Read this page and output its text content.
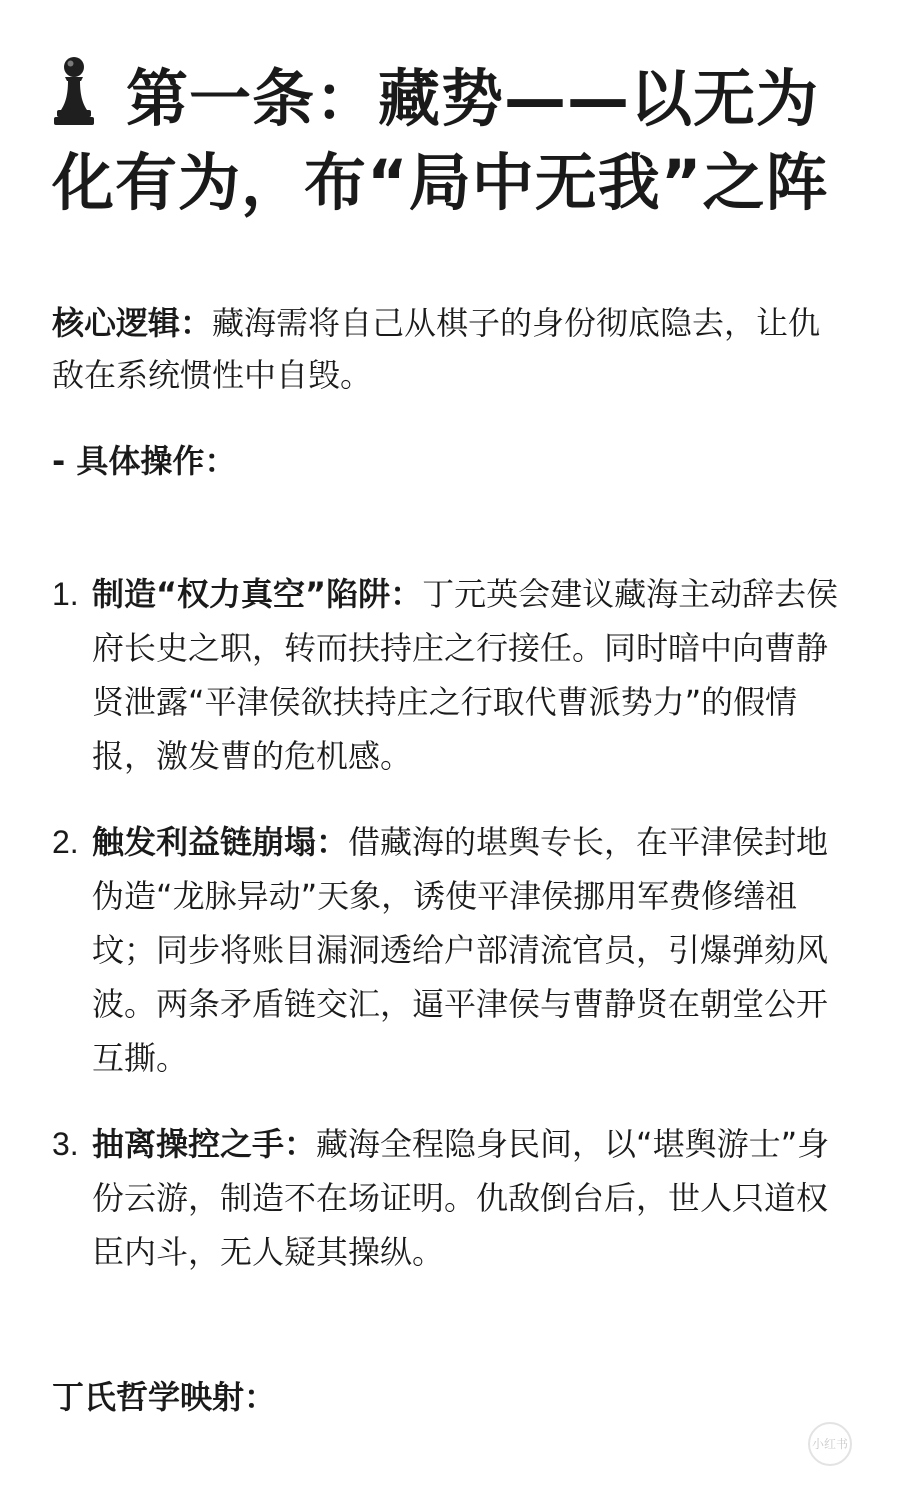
第一条：藏势——以无为化有为，布“局中无我”之阵
核心逻辑：藏海需将自己从棋子的身份彻底隐去，让仇敌在系统惯性中自毁。
- 具体操作：
1. 制造“权力真空”陷阱：丁元英会建议藏海主动辞去侯府长史之职，转而扶持庄之行接任。同时暗中向曹静贤泄露“平津侯欲扶持庄之行取代曹派势力”的假情报，激发曹的危机感。
2. 触发利益链崩塌：借藏海的堪舆专长，在平津侯封地伪造“龙脉异动”天象，诱使平津侯挪用军费修缮祖坟；同步将账目漏洞透给户部清流官员，引爆弹劾风波。两条矛盾链交汇，逼平津侯与曹静贤在朝堂公开互撕。
3. 抽离操控之手：藏海全程隐身民间，以“堪舆游士”身份云游，制造不在场证明。仇敌倒台后，世人只道权臣内斗，无人疑其操纵。
丁氏哲学映射：
小红书
